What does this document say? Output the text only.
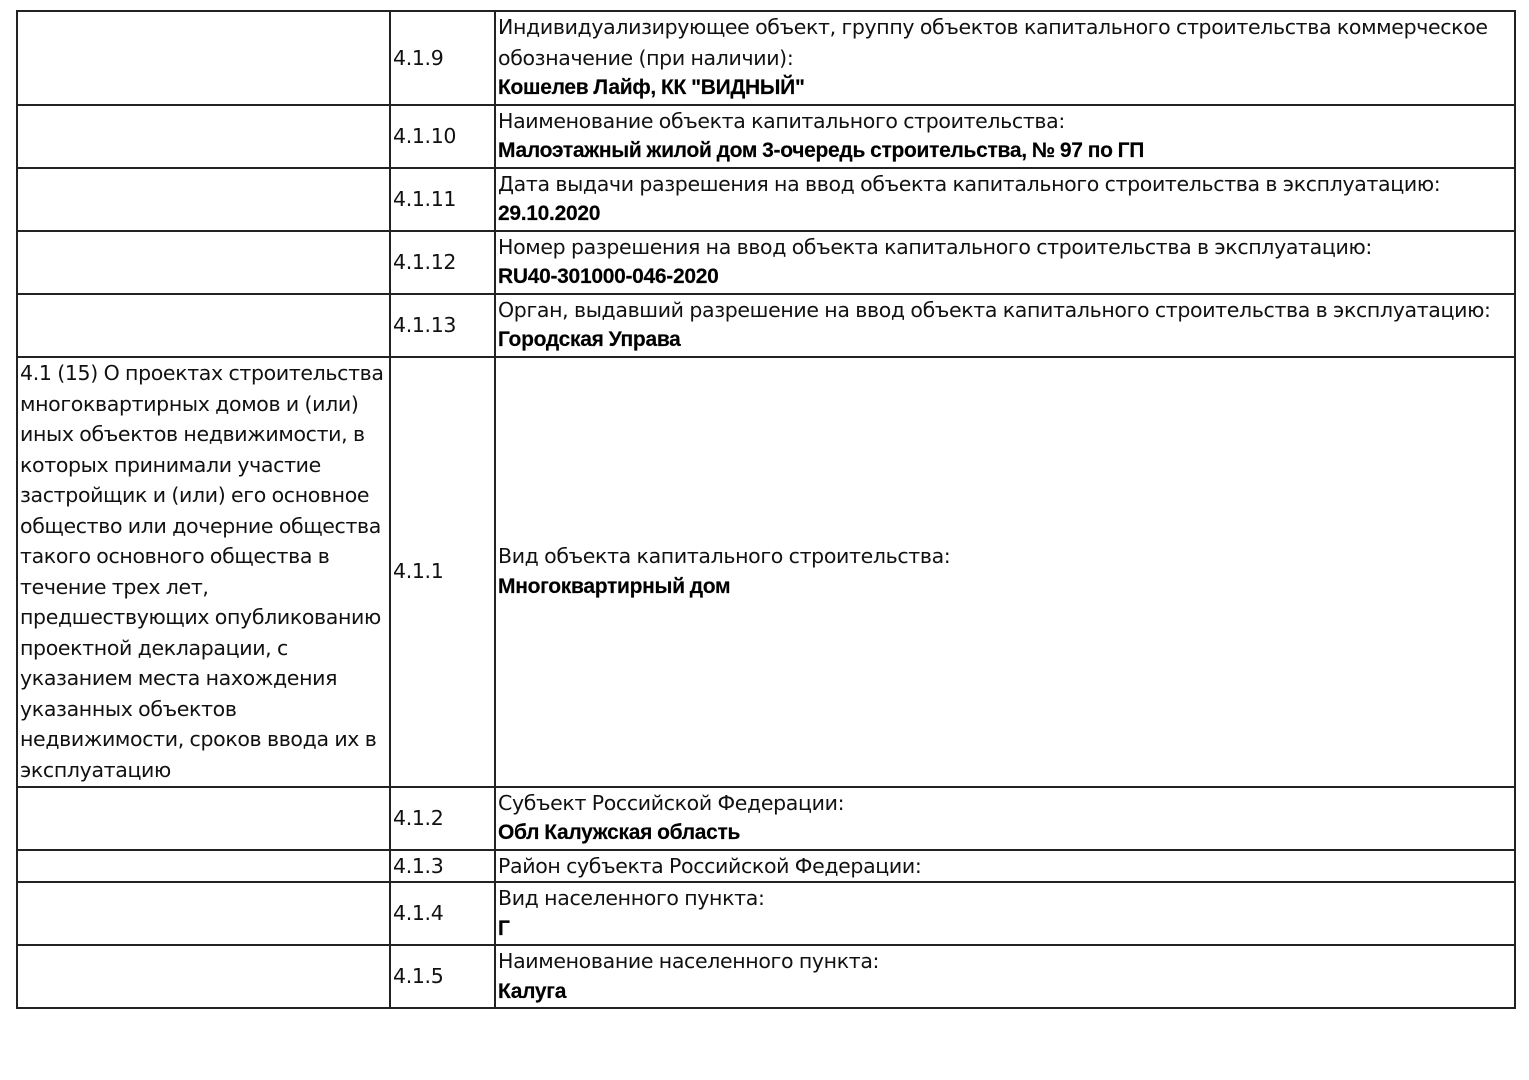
	4.1.9	Индивидуализирующее объект, группу объектов капитального строительства коммерческое обозначение (при наличии):
Кошелев Лайф, КК "ВИДНЫЙ"

	4.1.10	Наименование объекта капитального строительства:
Малоэтажный жилой дом 3-очередь строительства, № 97 по ГП

	4.1.11	Дата выдачи разрешения на ввод объекта капитального строительства в эксплуатацию:
29.10.2020

	4.1.12	Номер разрешения на ввод объекта капитального строительства в эксплуатацию:
RU40-301000-046-2020

	4.1.13	Орган, выдавший разрешение на ввод объекта капитального строительства в эксплуатацию:
Городская Управа

4.1 (15) О проектах строительства многоквартирных домов и (или) иных объектов недвижимости, в которых принимали участие застройщик и (или) его основное общество или дочерние общества такого основного общества в течение трех лет, предшествующих опубликованию проектной декларации, с указанием места нахождения указанных объектов недвижимости, сроков ввода их в эксплуатацию	4.1.1	Вид объекта капитального строительства:
Многоквартирный дом

	4.1.2	Субъект Российской Федерации:
Обл Калужская область

	4.1.3	Район субъекта Российской Федерации:

	4.1.4	Вид населенного пункта:
Г

	4.1.5	Наименование населенного пункта:
Калуга
